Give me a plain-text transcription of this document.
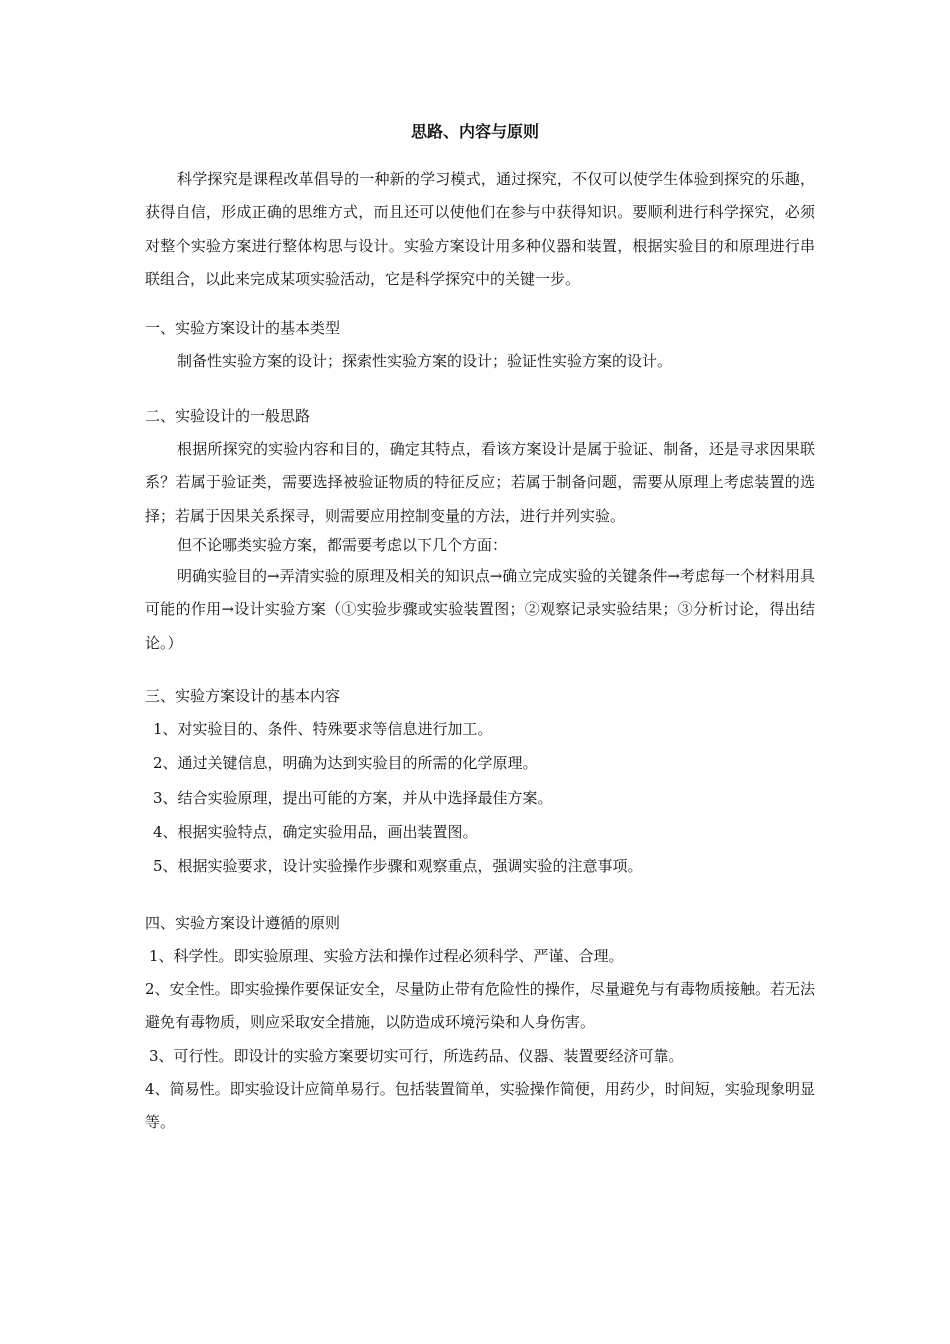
思路、内容与原则
科学探究是课程改革倡导的一种新的学习模式，通过探究，不仅可以使学生体验到探究的乐趣，获得自信，形成正确的思维方式，而且还可以使他们在参与中获得知识。要顺利进行科学探究，必须对整个实验方案进行整体构思与设计。实验方案设计用多种仪器和装置，根据实验目的和原理进行串联组合，以此来完成某项实验活动，它是科学探究中的关键一步。
一、实验方案设计的基本类型
制备性实验方案的设计；探索性实验方案的设计；验证性实验方案的设计。
二、实验设计的一般思路
根据所探究的实验内容和目的，确定其特点，看该方案设计是属于验证、制备，还是寻求因果联系？若属于验证类，需要选择被验证物质的特征反应；若属于制备问题，需要从原理上考虑装置的选择；若属于因果关系探寻，则需要应用控制变量的方法，进行并列实验。
但不论哪类实验方案，都需要考虑以下几个方面：
明确实验目的→弄清实验的原理及相关的知识点→确立完成实验的关键条件→考虑每一个材料用具可能的作用→设计实验方案（①实验步骤或实验装置图；②观察记录实验结果；③分析讨论，得出结论。）
三、实验方案设计的基本内容
1、对实验目的、条件、特殊要求等信息进行加工。
2、通过关键信息，明确为达到实验目的所需的化学原理。
3、结合实验原理，提出可能的方案，并从中选择最佳方案。
4、根据实验特点，确定实验用品，画出装置图。
5、根据实验要求，设计实验操作步骤和观察重点，强调实验的注意事项。
四、实验方案设计遵循的原则
1、科学性。即实验原理、实验方法和操作过程必须科学、严谨、合理。
2、安全性。即实验操作要保证安全，尽量防止带有危险性的操作，尽量避免与有毒物质接触。若无法避免有毒物质，则应采取安全措施，以防造成环境污染和人身伤害。
3、可行性。即设计的实验方案要切实可行，所选药品、仪器、装置要经济可靠。
4、简易性。即实验设计应简单易行。包括装置简单，实验操作简便，用药少，时间短，实验现象明显等。
